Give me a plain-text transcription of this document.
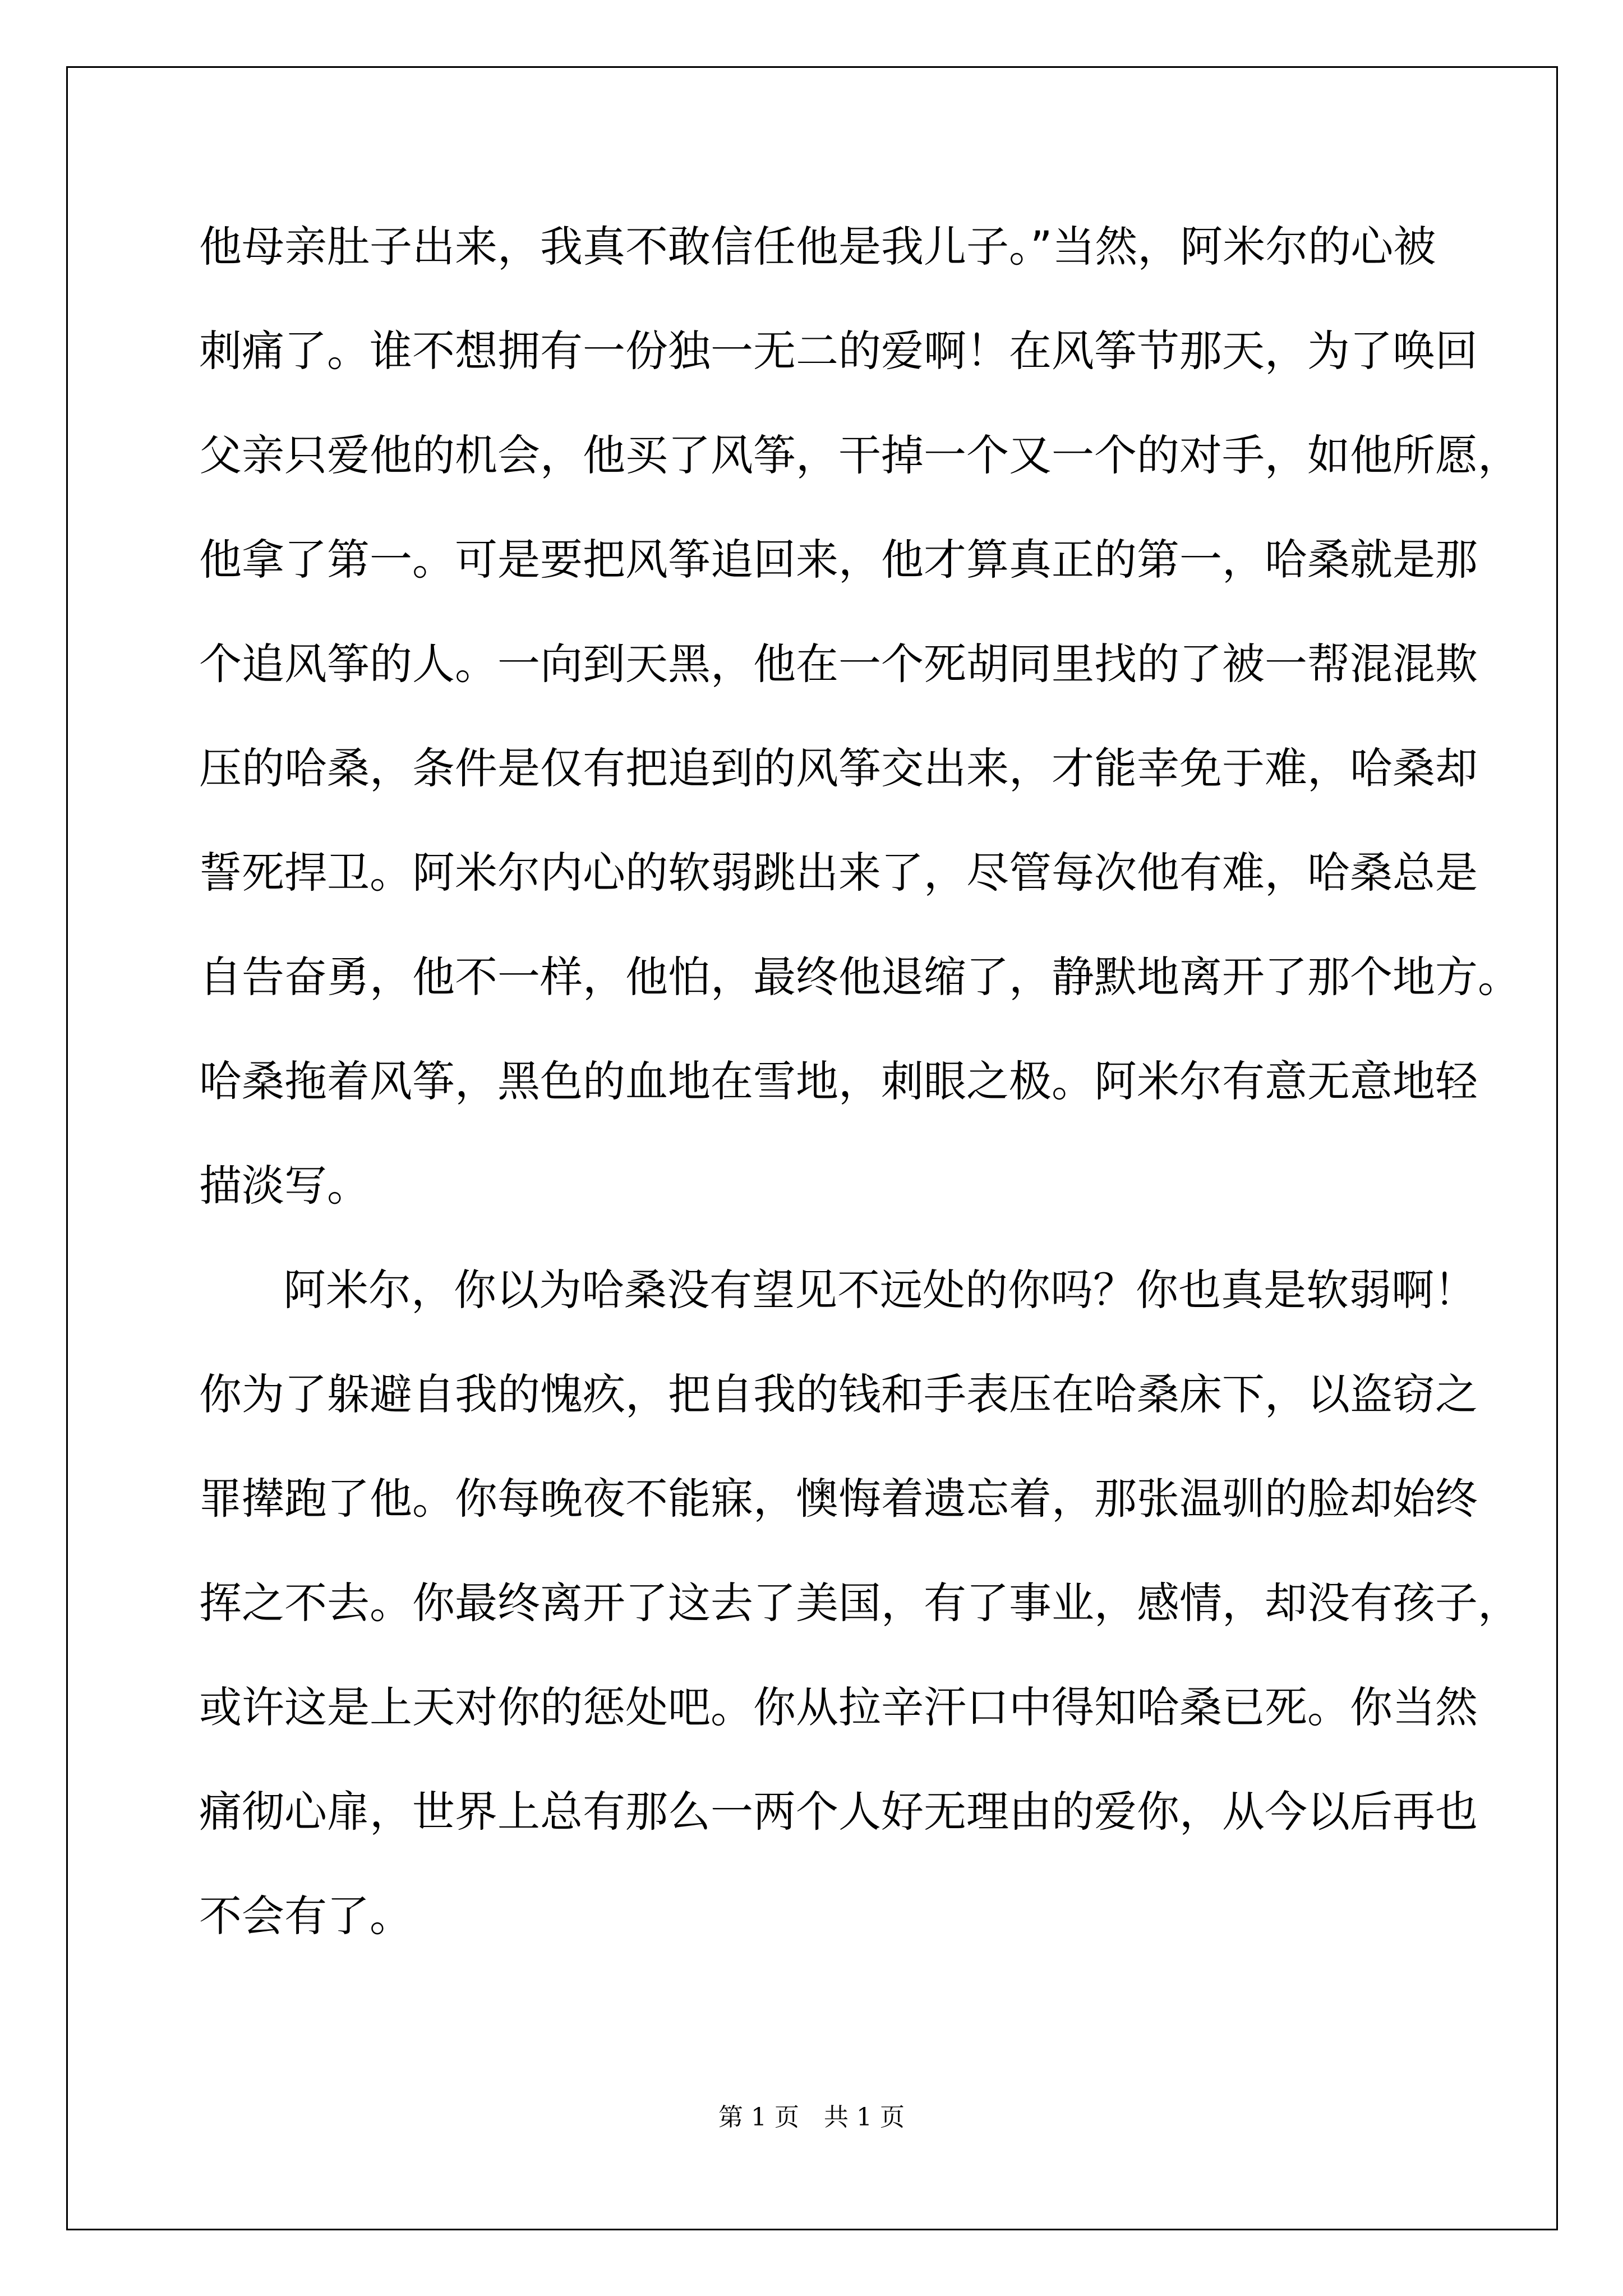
他母亲肚子出来，我真不敢信任他是我儿子。”当然，阿米尔的心被
刺痛了。谁不想拥有一份独一无二的爱啊！在风筝节那天，为了唤回
父亲只爱他的机会，他买了风筝，干掉一个又一个的对手，如他所愿，
他拿了第一。可是要把风筝追回来，他才算真正的第一，哈桑就是那
个追风筝的人。一向到天黑，他在一个死胡同里找的了被一帮混混欺
压的哈桑，条件是仅有把追到的风筝交出来，才能幸免于难，哈桑却
誓死捍卫。阿米尔内心的软弱跳出来了，尽管每次他有难，哈桑总是
自告奋勇，他不一样，他怕，最终他退缩了，静默地离开了那个地方。
哈桑拖着风筝，黑色的血地在雪地，刺眼之极。阿米尔有意无意地轻
描淡写。
阿米尔，你以为哈桑没有望见不远处的你吗？你也真是软弱啊！
你为了躲避自我的愧疚，把自我的钱和手表压在哈桑床下，以盗窃之
罪撵跑了他。你每晚夜不能寐，懊悔着遗忘着，那张温驯的脸却始终
挥之不去。你最终离开了这去了美国，有了事业，感情，却没有孩子，
或许这是上天对你的惩处吧。你从拉辛汗口中得知哈桑已死。你当然
痛彻心扉，世界上总有那么一两个人好无理由的爱你，从今以后再也
不会有了。
第 1 页　共 1 页
